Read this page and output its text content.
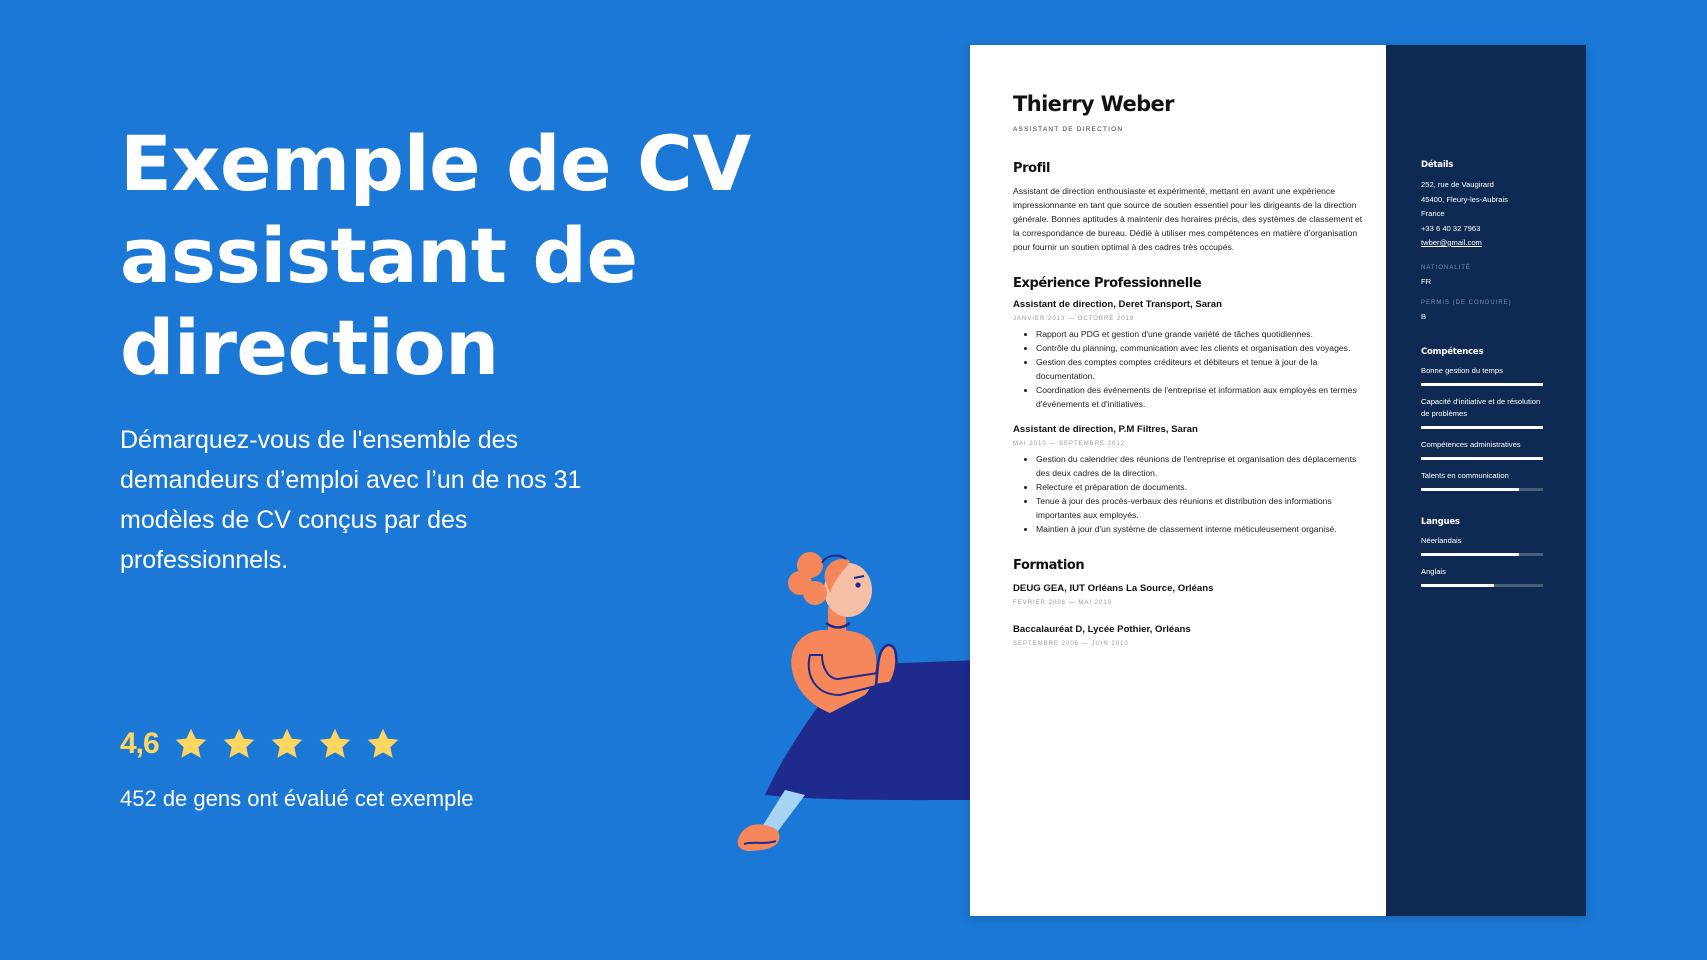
Exemple de CV assistant de direction

Démarquez-vous de l'ensemble des demandeurs d’emploi avec l’un de nos 31 modèles de CV conçus par des professionnels.

4,6
452 de gens ont évalué cet exemple
Thierry Weber
ASSISTANT DE DIRECTION
Profil

Assistant de direction enthousiaste et expérimenté, mettant en avant une expérience impressionnante en tant que source de soutien essentiel pour les dirigeants de la direction générale. Bonnes aptitudes à maintenir des horaires précis, des systèmes de classement et la correspondance de bureau. Dédié à utiliser mes compétences en matière d'organisation pour fournir un soutien optimal à des cadres très occupés.

Expérience Professionnelle
Assistant de direction, Deret Transport, Saran
JANVIER 2013 — OCTOBRE 2019
• Rapport au PDG et gestion d'une grande variété de tâches quotidiennes.
• Contrôle du planning, communication avec les clients et organisation des voyages.
• Gestion des comptes comptes créditeurs et débiteurs et tenue à jour de la documentation.
• Coordination des événements de l'entreprise et information aux employés en termes d'événements et d'initiatives.
Assistant de direction, P.M Filtres, Saran
MAI 2010 — SEPTEMBRE 2012
• Gestion du calendrier des réunions de l'entreprise et organisation des déplacements des deux cadres de la direction.
• Relecture et préparation de documents.
• Tenue à jour des procès-verbaux des réunions et distribution des informations importantes aux employés.
• Maintien à jour d'un système de classement interne méticuleusement organisé.
Formation
DEUG GEA, IUT Orléans La Source, Orléans
FEVRIER 2006 — MAI 2010
Baccalauréat D, Lycée Pothier, Orléans
SEPTEMBRE 2006 — JUIN 2010
Détails
252, rue de Vaugirard
45400, Fleury-les-Aubrais
France
+33 6 40 32 7963
twber@gmail.com
NATIONALITÉ
FR
PERMIS (DE CONDUIRE)
B
Compétences
Bonne gestion du temps
Capacité d'initiative et de résolution de problèmes
Compétences administratives
Talents en communication
Langues
Néerlandais
Anglais
